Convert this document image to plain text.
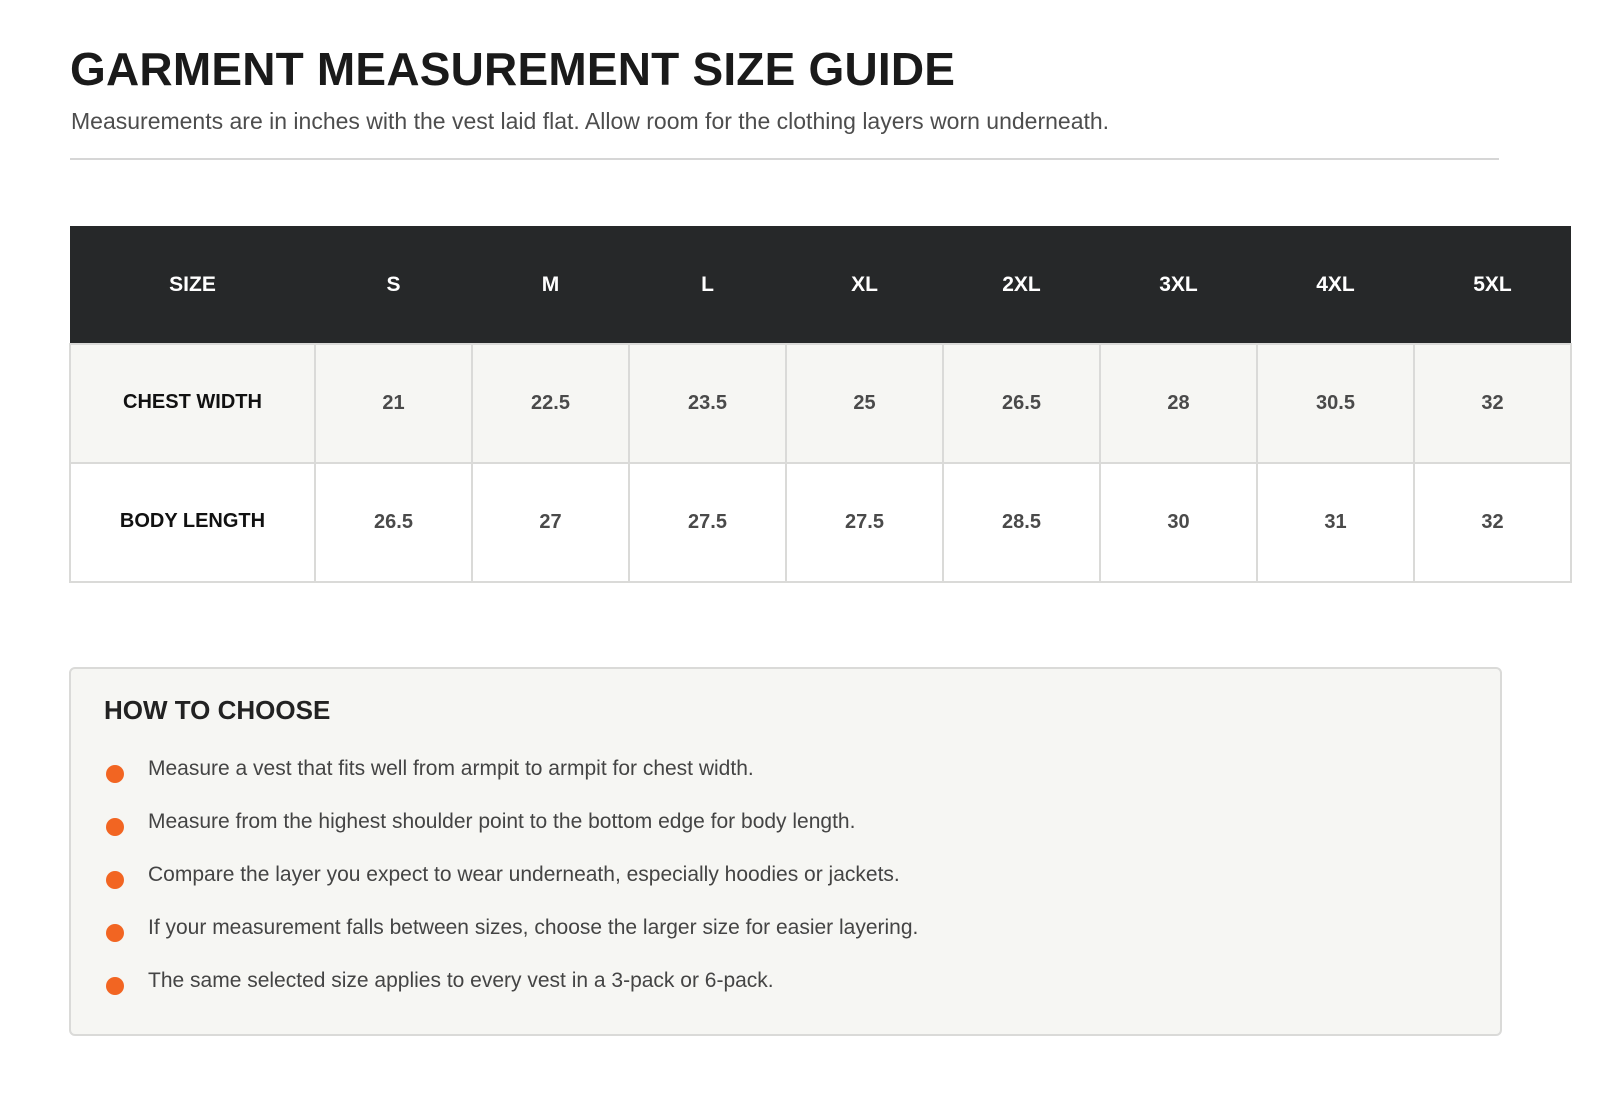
GARMENT MEASUREMENT SIZE GUIDE

Measurements are in inches with the vest laid flat. Allow room for the clothing layers worn underneath.

SIZE	S	M	L	XL	2XL	3XL	4XL	5XL
CHEST WIDTH	21	22.5	23.5	25	26.5	28	30.5	32
BODY LENGTH	26.5	27	27.5	27.5	28.5	30	31	32
HOW TO CHOOSE
Measure a vest that fits well from armpit to armpit for chest width.
Measure from the highest shoulder point to the bottom edge for body length.
Compare the layer you expect to wear underneath, especially hoodies or jackets.
If your measurement falls between sizes, choose the larger size for easier layering.
The same selected size applies to every vest in a 3-pack or 6-pack.
